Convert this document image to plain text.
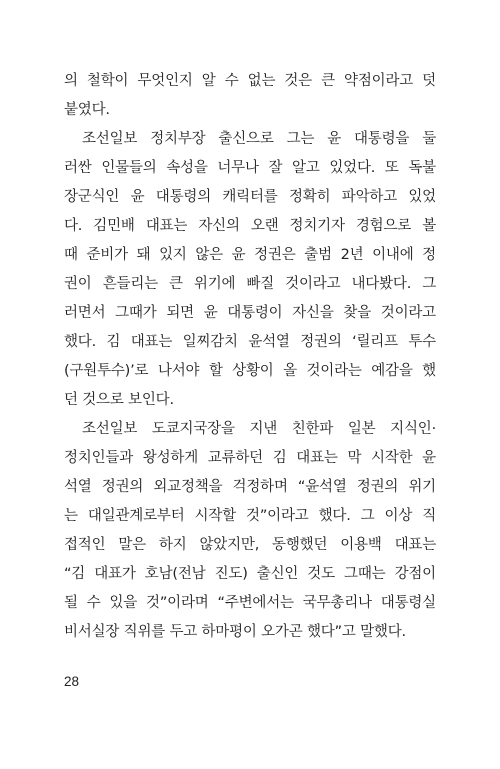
의 철학이 무엇인지 알 수 없는 것은 큰 약점이라고 덧
붙였다.
조선일보 정치부장 출신으로 그는 윤 대통령을 둘
러싼 인물들의 속성을 너무나 잘 알고 있었다. 또 독불
장군식인 윤 대통령의 캐릭터를 정확히 파악하고 있었
다. 김민배 대표는 자신의 오랜 정치기자 경험으로 볼
때 준비가 돼 있지 않은 윤 정권은 출범 2년 이내에 정
권이 흔들리는 큰 위기에 빠질 것이라고 내다봤다. 그
러면서 그때가 되면 윤 대통령이 자신을 찾을 것이라고
했다. 김 대표는 일찌감치 윤석열 정권의 ‘릴리프 투수
(구원투수)’로 나서야 할 상황이 올 것이라는 예감을 했
던 것으로 보인다.
조선일보 도쿄지국장을 지낸 친한파 일본 지식인·
정치인들과 왕성하게 교류하던 김 대표는 막 시작한 윤
석열 정권의 외교정책을 걱정하며 “윤석열 정권의 위기
는 대일관계로부터 시작할 것”이라고 했다. 그 이상 직
접적인 말은 하지 않았지만, 동행했던 이용백 대표는
“김 대표가 호남(전남 진도) 출신인 것도 그때는 강점이
될 수 있을 것”이라며 “주변에서는 국무총리나 대통령실
비서실장 직위를 두고 하마평이 오가곤 했다”고 말했다.
28
